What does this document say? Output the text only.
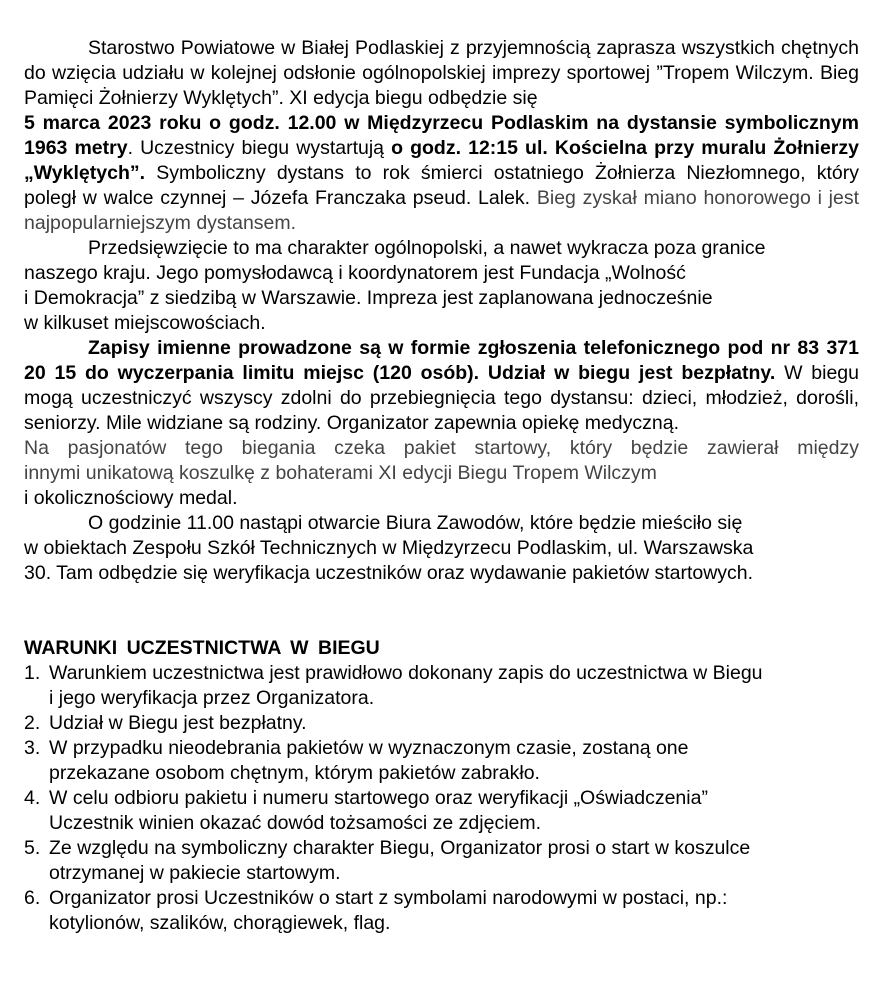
Starostwo Powiatowe w Białej Podlaskiej z przyjemnością zaprasza wszystkich chętnych do wzięcia udziału w kolejnej odsłonie ogólnopolskiej imprezy sportowej ”Tropem Wilczym. Bieg Pamięci Żołnierzy Wyklętych”. XI edycja biegu odbędzie się
5 marca 2023 roku o godz. 12.00 w Międzyrzecu Podlaskim na dystansie symbolicznym 1963 metry. Uczestnicy biegu wystartują o godz. 12:15 ul. Kościelna przy muralu Żołnierzy „Wyklętych”. Symboliczny dystans to rok śmierci ostatniego Żołnierza Niezłomnego, który poległ w walce czynnej – Józefa Franczaka pseud. Lalek. Bieg zyskał miano honorowego i jest najpopularniejszym dystansem.

Przedsięwzięcie to ma charakter ogólnopolski, a nawet wykracza poza granice
naszego kraju. Jego pomysłodawcą i koordynatorem jest Fundacja „Wolność
i Demokracja” z siedzibą w Warszawie. Impreza jest zaplanowana jednocześnie
w kilkuset miejscowościach.

Zapisy imienne prowadzone są w formie zgłoszenia telefonicznego pod nr 83 371 20 15 do wyczerpania limitu miejsc (120 osób). Udział w biegu jest bezpłatny. W biegu mogą uczestniczyć wszyscy zdolni do przebiegnięcia tego dystansu: dzieci, młodzież, dorośli, seniorzy. Mile widziane są rodziny. Organizator zapewnia opiekę medyczną.

Na pasjonatów tego biegania czeka pakiet startowy, który będzie zawierał między
innymi unikatową koszulkę z bohaterami XI edycji Biegu Tropem Wilczym
i okolicznościowy medal.

O godzinie 11.00 nastąpi otwarcie Biura Zawodów, które będzie mieściło się
w obiektach Zespołu Szkół Technicznych w Międzyrzecu Podlaskim, ul. Warszawska
30. Tam odbędzie się weryfikacja uczestników oraz wydawanie pakietów startowych.

WARUNKI UCZESTNICTWA W BIEGU

1. Warunkiem uczestnictwa jest prawidłowo dokonany zapis do uczestnictwa w Biegu
i jego weryfikacja przez Organizatora.
2. Udział w Biegu jest bezpłatny.
3. W przypadku nieodebrania pakietów w wyznaczonym czasie, zostaną one
przekazane osobom chętnym, którym pakietów zabrakło.
4. W celu odbioru pakietu i numeru startowego oraz weryfikacji „Oświadczenia”
Uczestnik winien okazać dowód tożsamości ze zdjęciem.
5. Ze względu na symboliczny charakter Biegu, Organizator prosi o start w koszulce
otrzymanej w pakiecie startowym.
6. Organizator prosi Uczestników o start z symbolami narodowymi w postaci, np.:
kotylionów, szalików, chorągiewek, flag.
